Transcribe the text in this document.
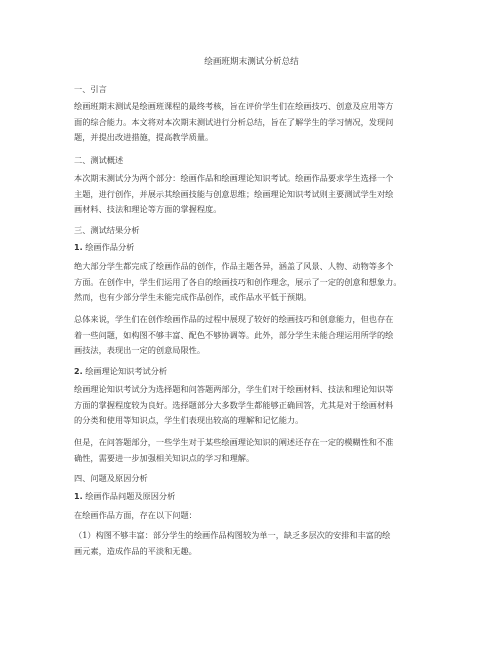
绘画班期末测试分析总结
一、引言
绘画班期末测试是绘画班课程的最终考核，旨在评价学生们在绘画技巧、创意及应用等方
面的综合能力。本文将对本次期末测试进行分析总结，旨在了解学生的学习情况，发现问
题，并提出改进措施，提高教学质量。
二、测试概述
本次期末测试分为两个部分：绘画作品和绘画理论知识考试。绘画作品要求学生选择一个
主题，进行创作，并展示其绘画技能与创意思维；绘画理论知识考试则主要测试学生对绘
画材料、技法和理论等方面的掌握程度。
三、测试结果分析
1. 绘画作品分析
绝大部分学生都完成了绘画作品的创作，作品主题各异，涵盖了风景、人物、动物等多个
方面。在创作中，学生们运用了各自的绘画技巧和创作理念，展示了一定的创意和想象力。
然而，也有少部分学生未能完成作品创作，或作品水平低于预期。
总体来说，学生们在创作绘画作品的过程中展现了较好的绘画技巧和创意能力，但也存在
着一些问题，如构图不够丰富、配色不够协调等。此外，部分学生未能合理运用所学的绘
画技法，表现出一定的创意局限性。
2. 绘画理论知识考试分析
绘画理论知识考试分为选择题和问答题两部分，学生们对于绘画材料、技法和理论知识等
方面的掌握程度较为良好。选择题部分大多数学生都能够正确回答，尤其是对于绘画材料
的分类和使用等知识点，学生们表现出较高的理解和记忆能力。
但是，在问答题部分，一些学生对于某些绘画理论知识的阐述还存在一定的模糊性和不准
确性，需要进一步加强相关知识点的学习和理解。
四、问题及原因分析
1. 绘画作品问题及原因分析
在绘画作品方面，存在以下问题：
（1）构图不够丰富：部分学生的绘画作品构图较为单一，缺乏多层次的安排和丰富的绘
画元素，造成作品的平淡和无趣。
